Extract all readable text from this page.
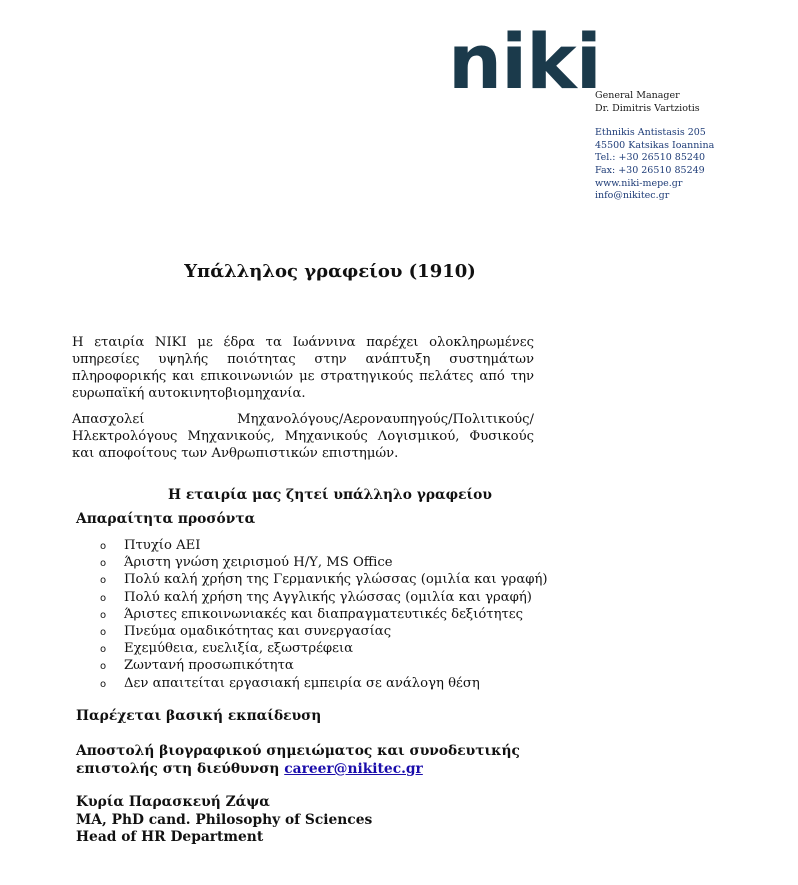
niki
General Manager
Dr. Dimitris Vartziotis
Ethnikis Antistasis 205
45500 Katsikas Ioannina
Tel.: +30 26510 85240
Fax: +30 26510 85249
www.niki-mepe.gr
info@nikitec.gr
Υπάλληλος γραφείου (1910)
Η εταιρία NIKI με έδρα τα Ιωάννινα παρέχει ολοκληρωμένες υπηρεσίες υψηλής ποιότητας στην ανάπτυξη συστημάτων πληροφορικής και επικοινωνιών με στρατηγικούς πελάτες από την ευρωπαϊκή αυτοκινητοβιομηχανία.
Απασχολεί Μηχανολόγους/Αεροναυπηγούς/Πολιτικούς/Ηλεκτρολόγους Μηχανικούς, Μηχανικούς Λογισμικού, Φυσικούς και αποφοίτους των Ανθρωπιστικών επιστημών.
Η εταιρία μας ζητεί υπάλληλο γραφείου
Απαραίτητα προσόντα
o Πτυχίο ΑΕΙ
o Άριστη γνώση χειρισμού Η/Υ, MS Office
o Πολύ καλή χρήση της Γερμανικής γλώσσας (ομιλία και γραφή)
o Πολύ καλή χρήση της Αγγλικής γλώσσας (ομιλία και γραφή)
o Άριστες επικοινωνιακές και διαπραγματευτικές δεξιότητες
o Πνεύμα ομαδικότητας και συνεργασίας
o Εχεμύθεια, ευελιξία, εξωστρέφεια
o Ζωντανή προσωπικότητα
o Δεν απαιτείται εργασιακή εμπειρία σε ανάλογη θέση
Παρέχεται βασική εκπαίδευση
Αποστολή βιογραφικού σημειώματος και συνοδευτικής επιστολής στη διεύθυνση career@nikitec.gr
Κυρία Παρασκευή Ζάψα
MA, PhD cand. Philosophy of Sciences
Head of HR Department
